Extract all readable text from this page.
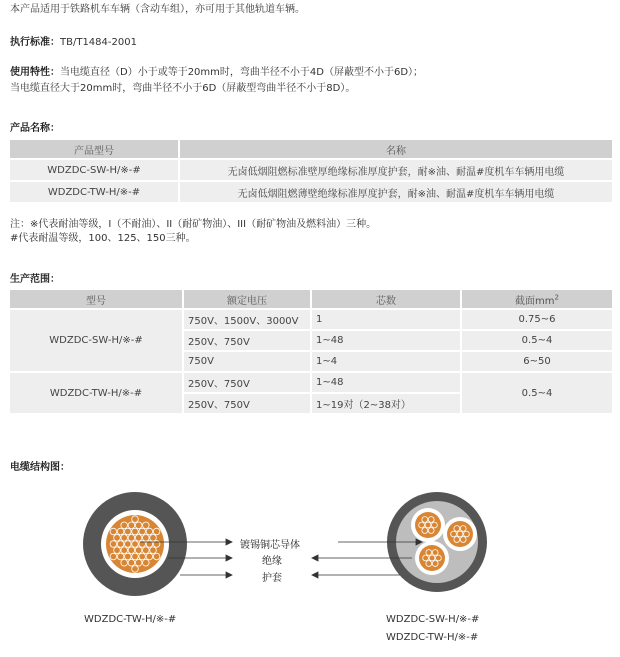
本产品适用于铁路机车车辆（含动车组），亦可用于其他轨道车辆。
执行标准：TB/T1484-2001
使用特性：当电缆直径（D）小于或等于20mm时，弯曲半径不小于4D（屏蔽型不小于6D）；
当电缆直径大于20mm时，弯曲半径不小于6D（屏蔽型弯曲半径不小于8D）。
产品名称：
产品型号	名称
WDZDC-SW-H/※-#	无卤低烟阻燃标准壁厚绝缘标准厚度护套，耐※油、耐温#度机车车辆用电缆
WDZDC-TW-H/※-#	无卤低烟阻燃薄壁绝缘标准厚度护套，耐※油、耐温#度机车车辆用电缆
注：※代表耐油等级，I（不耐油）、II（耐矿物油）、III（耐矿物油及燃料油）三种。
#代表耐温等级，100、125、150三种。
生产范围：
型号	额定电压	芯数	截面$mm^2$
WDZDC-SW-H/※-#	750V、1500V、3000V	1	0.75~6
	250V、750V	1~48	0.5~4
	750V	1~4	6~50
WDZDC-TW-H/※-#	250V、750V	1~48	0.5~4
	250V、750V	1~19对（2~38对）	
电缆结构图：
镀锡铜芯导体
绝缘
护套
WDZDC-TW-H/※-#	WDZDC-SW-H/※-#
WDZDC-TW-H/※-#
